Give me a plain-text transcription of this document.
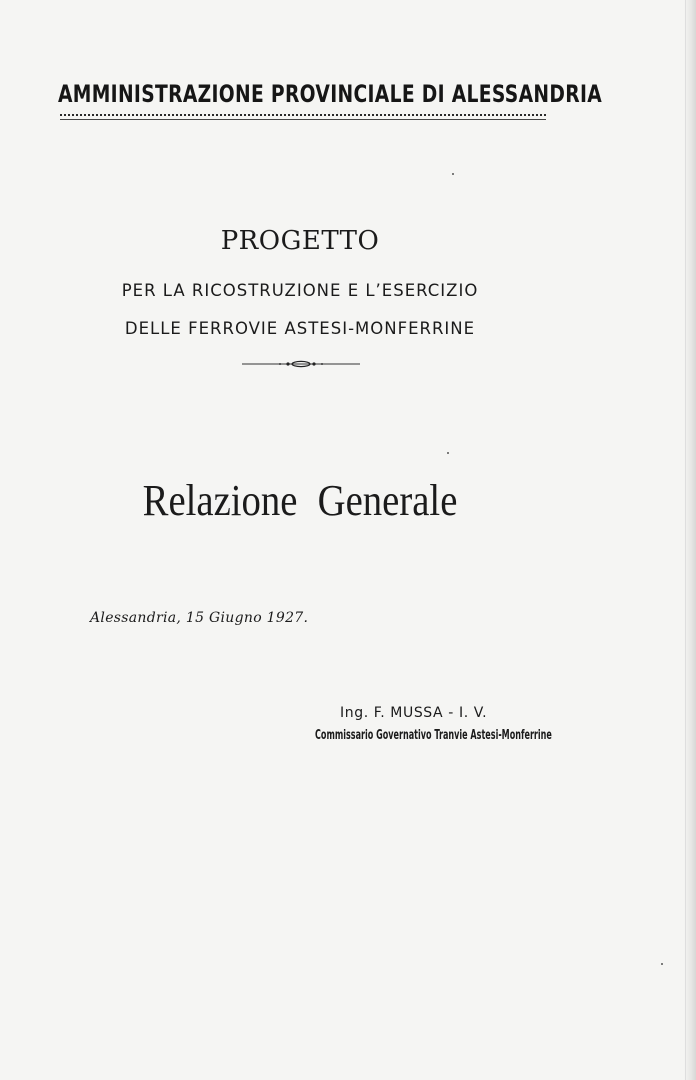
AMMINISTRAZIONE PROVINCIALE DI ALESSANDRIA
PROGETTO
PER LA RICOSTRUZIONE E L’ESERCIZIO
DELLE FERROVIE ASTESI-MONFERRINE
Relazione Generale
Alessandria, 15 Giugno 1927.
Ing. F. MUSSA - I. V.
Commissario Governativo Tranvie Astesi-Monferrine
